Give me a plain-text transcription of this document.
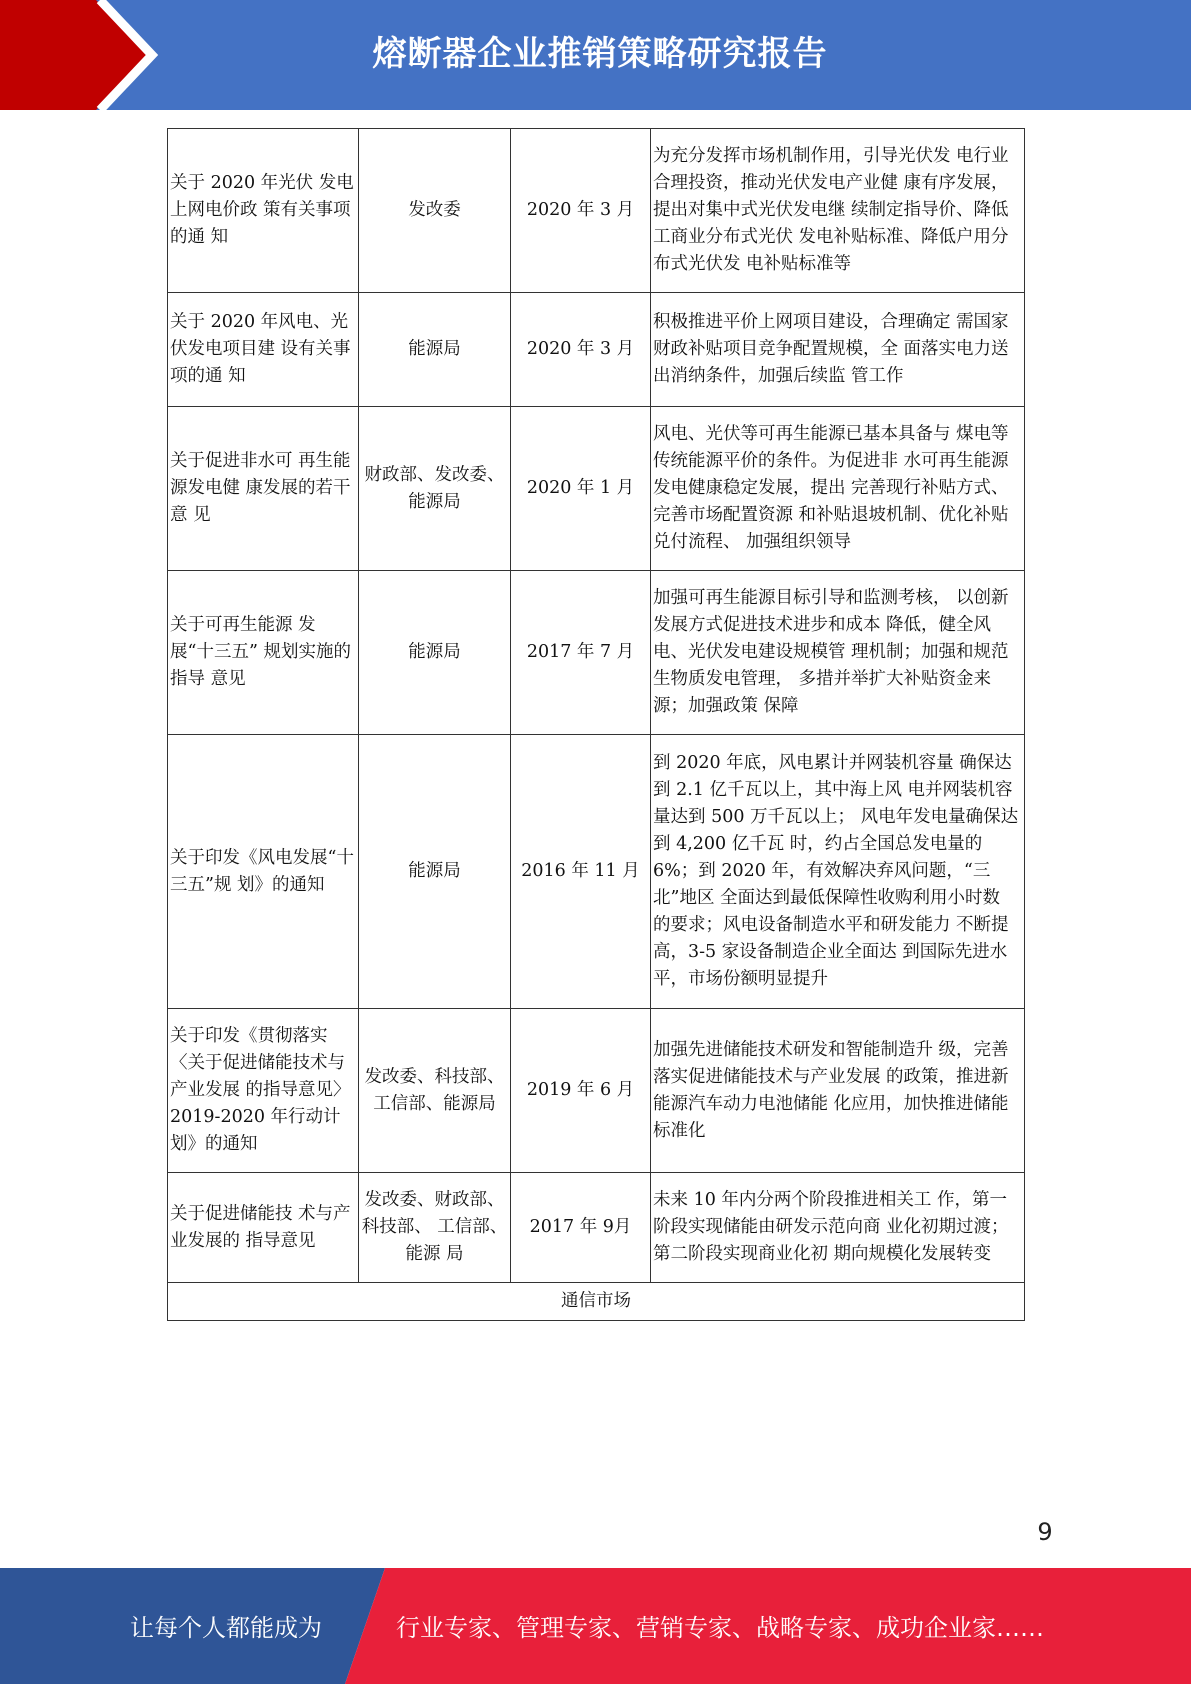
熔断器企业推销策略研究报告
关于 2020 年光伏 发电上网电价政 策有关事项的通 知	发改委	2020 年 3 月	为充分发挥市场机制作用，引导光伏发 电行业合理投资，推动光伏发电产业健 康有序发展，提出对集中式光伏发电继 续制定指导价、降低工商业分布式光伏 发电补贴标准、降低户用分布式光伏发 电补贴标准等
关于 2020 年风电、光伏发电项目建 设有关事项的通 知	能源局	2020 年 3 月	积极推进平价上网项目建设，合理确定 需国家财政补贴项目竞争配置规模，全 面落实电力送出消纳条件，加强后续监 管工作
关于促进非水可 再生能源发电健 康发展的若干意 见	财政部、发改委、能源局	2020 年 1 月	风电、光伏等可再生能源已基本具备与 煤电等传统能源平价的条件。为促进非 水可再生能源发电健康稳定发展，提出 完善现行补贴方式、完善市场配置资源 和补贴退坡机制、优化补贴兑付流程、 加强组织领导
关于可再生能源 发展“十三五” 规划实施的指导 意见	能源局	2017 年 7 月	加强可再生能源目标引导和监测考核， 以创新发展方式促进技术进步和成本 降低，健全风电、光伏发电建设规模管 理机制；加强和规范生物质发电管理， 多措并举扩大补贴资金来源；加强政策 保障
关于印发《风电发展“十三五”规 划》的通知	能源局	2016 年 11 月	到 2020 年底，风电累计并网装机容量 确保达到 2.1 亿千瓦以上，其中海上风 电并网装机容量达到 500 万千瓦以上； 风电年发电量确保达到 4,200 亿千瓦 时，约占全国总发电量的 6%；到 2020 年，有效解决弃风问题，“三北”地区 全面达到最低保障性收购利用小时数 的要求；风电设备制造水平和研发能力 不断提高，3-5 家设备制造企业全面达 到国际先进水平，市场份额明显提升
关于印发《贯彻落实〈关于促进储能技术与产业发展 的指导意见〉2019-2020 年行动计划》的通知	发改委、科技部、工信部、能源局	2019 年 6 月	加强先进储能技术研发和智能制造升 级，完善落实促进储能技术与产业发展 的政策，推进新能源汽车动力电池储能 化应用，加快推进储能标准化
关于促进储能技 术与产业发展的 指导意见	发改委、财政部、科技部、 工信部、能源 局	2017 年 9月	未来 10 年内分两个阶段推进相关工 作，第一阶段实现储能由研发示范向商 业化初期过渡；第二阶段实现商业化初 期向规模化发展转变
通信市场			
9
让每个人都能成为	行业专家、管理专家、营销专家、战略专家、成功企业家……
